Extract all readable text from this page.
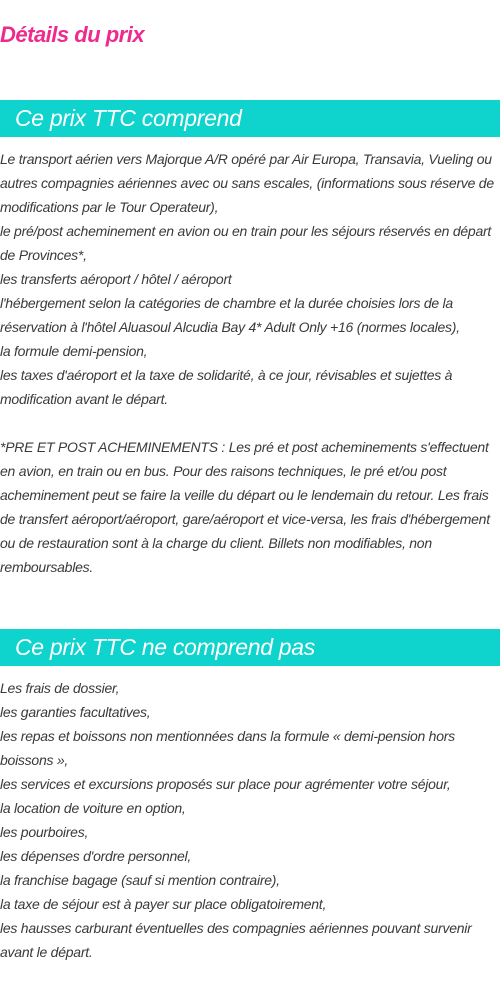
Détails du prix
Ce prix TTC comprend
Le transport aérien vers Majorque A/R opéré par Air Europa, Transavia, Vueling ou autres compagnies aériennes avec ou sans escales, (informations sous réserve de modifications par le Tour Operateur),
le pré/post acheminement en avion ou en train pour les séjours réservés en départ de Provinces*,
les transferts aéroport / hôtel / aéroport
l'hébergement selon la catégories de chambre et la durée choisies lors de la réservation à l'hôtel Aluasoul Alcudia Bay 4* Adult Only +16 (normes locales),
la formule demi-pension,
les taxes d'aéroport et la taxe de solidarité, à ce jour, révisables et sujettes à modification avant le départ.
*PRE ET POST ACHEMINEMENTS : Les pré et post acheminements s'effectuent en avion, en train ou en bus. Pour des raisons techniques, le pré et/ou post acheminement peut se faire la veille du départ ou le lendemain du retour. Les frais de transfert aéroport/aéroport, gare/aéroport et vice-versa, les frais d'hébergement ou de restauration sont à la charge du client. Billets non modifiables, non remboursables.
Ce prix TTC ne comprend pas
Les frais de dossier,
les garanties facultatives,
les repas et boissons non mentionnées dans la formule « demi-pension hors boissons »,
les services et excursions proposés sur place pour agrémenter votre séjour,
la location de voiture en option,
les pourboires,
les dépenses d'ordre personnel,
la franchise bagage (sauf si mention contraire),
la taxe de séjour est à payer sur place obligatoirement,
les hausses carburant éventuelles des compagnies aériennes pouvant survenir avant le départ.
